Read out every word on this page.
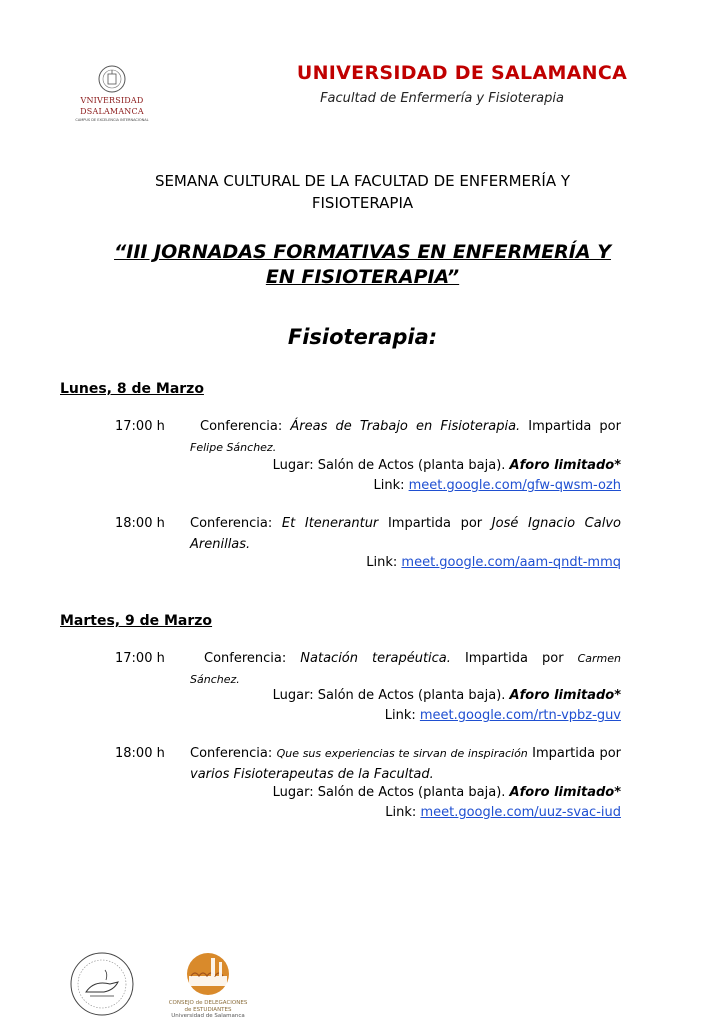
VNIVERSIDAD
DSALAMANCA
CAMPUS DE EXCELENCIA INTERNACIONAL
UNIVERSIDAD DE SALAMANCA
Facultad de Enfermería y Fisioterapia
SEMANA CULTURAL DE LA FACULTAD DE ENFERMERÍA Y
FISIOTERAPIA
“III JORNADAS FORMATIVAS EN ENFERMERÍA Y
EN FISIOTERAPIA”
Fisioterapia:
Lunes, 8 de Marzo
17:00 h	Conferencia: Áreas de Trabajo en Fisioterapia. Impartida por Felipe Sánchez.
Lugar: Salón de Actos (planta baja). Aforo limitado*
Link: meet.google.com/gfw-qwsm-ozh
18:00 h Conferencia: Et Itenerantur Impartida por José Ignacio Calvo Arenillas.
Link: meet.google.com/aam-qndt-mmq
Martes, 9 de Marzo
17:00 h	Conferencia: Natación terapéutica. Impartida por Carmen Sánchez.
Lugar: Salón de Actos (planta baja). Aforo limitado*
Link: meet.google.com/rtn-vpbz-guv
18:00 h Conferencia: Que sus experiencias te sirvan de inspiración Impartida por varios Fisioterapeutas de la Facultad.
Lugar: Salón de Actos (planta baja). Aforo limitado*
Link: meet.google.com/uuz-svac-iud
CONSEJO de DELEGACIONES
de ESTUDIANTES
Universidad de Salamanca
